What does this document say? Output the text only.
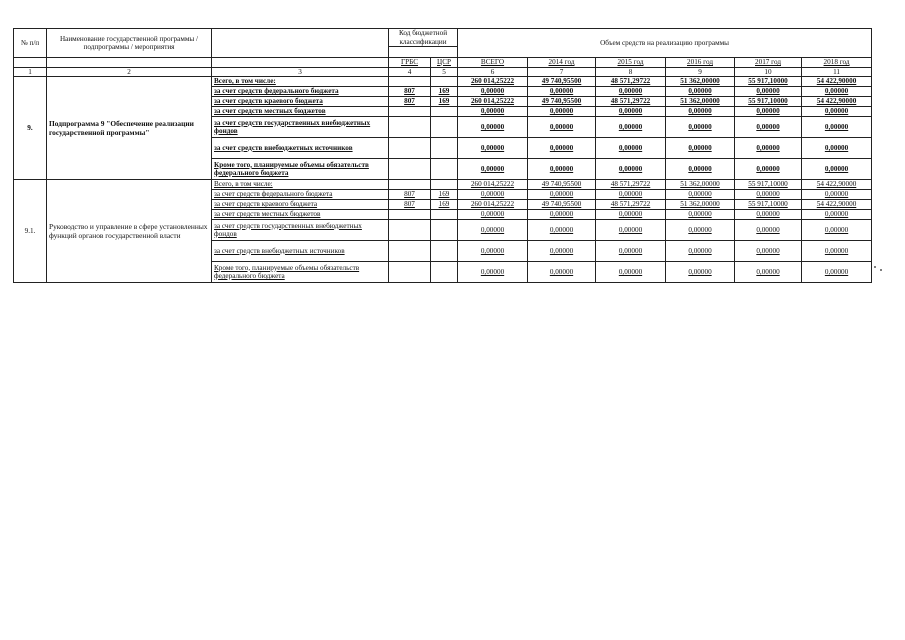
№ п/п	Наименование государственной программы / подпрограммы / мероприятия		Код бюджетной классификации		Объем средств на реализацию программы					

			ГРБС	ЦСР	ВСЕГО	2014 год	2015 год	2016 год	2017 год	2018 год
1	2	3	4	5	6	7	8	9	10	11
9.	Подпрограмма 9 "Обеспечение реализации государственной программы"	Всего, в том числе:			260 014,25222	49 740,95500	48 571,29722	51 362,00000	55 917,10000	54 422,90000
		за счет средств федерального бюджета	807	169	0,00000	0,00000	0,00000	0,00000	0,00000	0,00000
		за счет средств краевого бюджета	807	169	260 014,25222	49 740,95500	48 571,29722	51 362,00000	55 917,10000	54 422,90000
		за счет средств местных бюджетов			0,00000	0,00000	0,00000	0,00000	0,00000	0,00000
		за счет средств государственных внебюджетных фондов			0,00000	0,00000	0,00000	0,00000	0,00000	0,00000
		за счет средств внебюджетных источников			0,00000	0,00000	0,00000	0,00000	0,00000	0,00000
		Кроме того, планируемые объемы обязательств федерального бюджета			0,00000	0,00000	0,00000	0,00000	0,00000	0,00000
9.1.	Руководство и управление в сфере установленных функций органов государственной власти	Всего, в том числе:			260 014,25222	49 740,95500	48 571,29722	51 362,00000	55 917,10000	54 422,90000
		за счет средств федерального бюджета	807	169	0,00000	0,00000	0,00000	0,00000	0,00000	0,00000
		за счет средств краевого бюджета	807	169	260 014,25222	49 740,95500	48 571,29722	51 362,00000	55 917,10000	54 422,90000
		за счет средств местных бюджетов			0,00000	0,00000	0,00000	0,00000	0,00000	0,00000
		за счет средств государственных внебюджетных фондов			0,00000	0,00000	0,00000	0,00000	0,00000	0,00000
		за счет средств внебюджетных источников			0,00000	0,00000	0,00000	0,00000	0,00000	0,00000
		Кроме того, планируемые объемы обязательств федерального бюджета			0,00000	0,00000	0,00000	0,00000	0,00000	0,00000
